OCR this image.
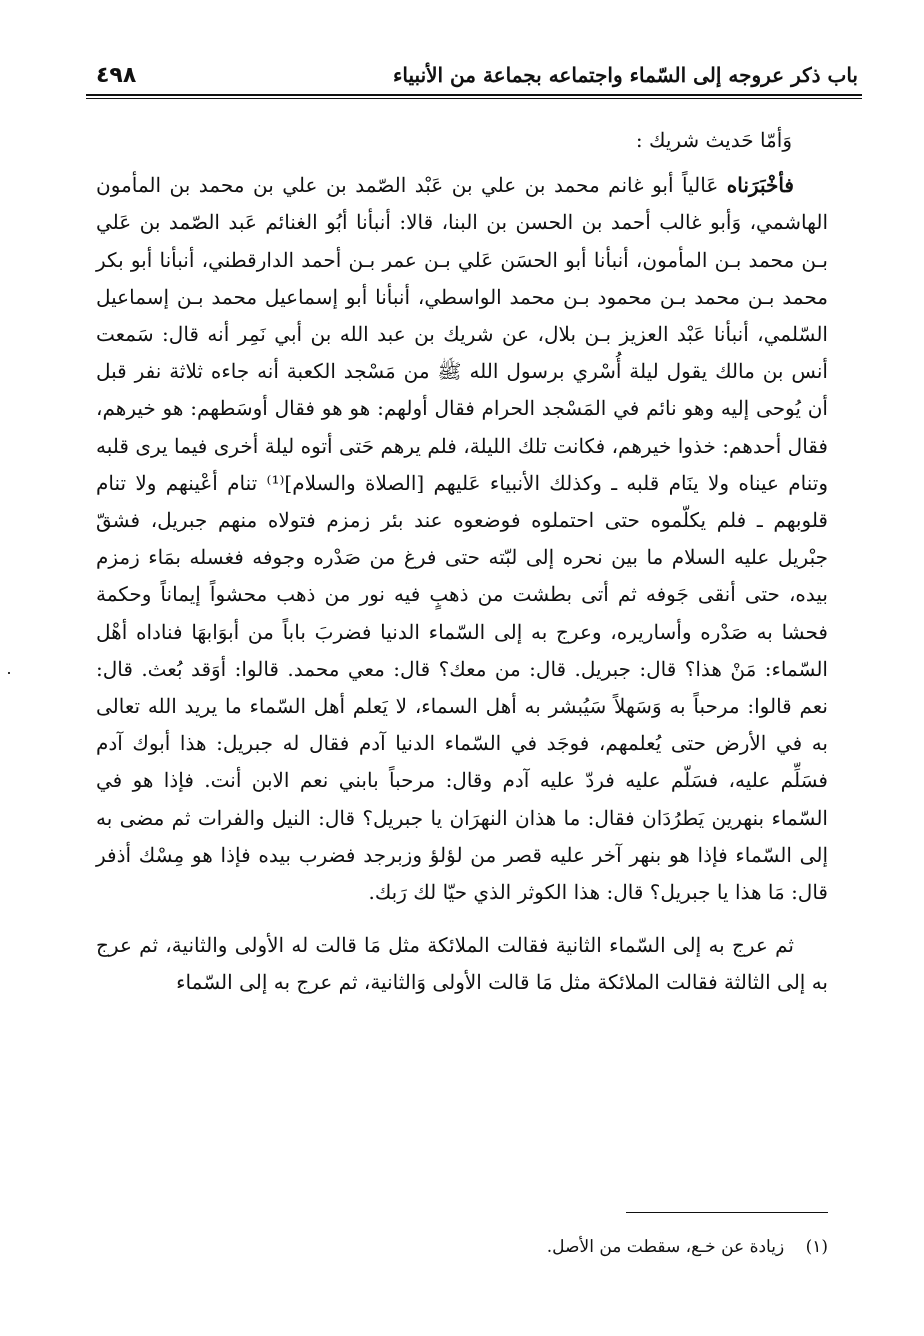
باب ذكر عروجه إلى السّماء واجتماعه بجماعة من الأنبياء
٤٩٨

وَأمّا حَديث شريك :

فأخْبَرَناه عَالياً أبو غانم محمد بن علي بن عَبْد الصّمد بن علي بن محمد بن المأمون الهاشمي، وَأبو غالب أحمد بن الحسن بن البنا، قالا: أنبأنا أبُو الغنائم عَبد الصّمد بن عَلي بـن محمد بـن المأمون، أنبأنا أبو الحسَن عَلي بـن عمر بـن أحمد الدارقطني، أنبأنا أبو بكر محمد بـن محمد بـن محمود بـن محمد الواسطي، أنبأنا أبو إسماعيل محمد بـن إسماعيل السّلمي، أنبأنا عَبْد العزيز بـن بلال، عن شريك بن عبد الله بن أبي نَمِر أنه قال: سَمعت أنس بن مالك يقول ليلة أُسْري برسول الله ﷺ من مَسْجد الكعبة أنه جاءه ثلاثة نفر قبل أن يُوحى إليه وهو نائم في المَسْجد الحرام فقال أولهم: هو هو فقال أوسَطهم: هو خيرهم، فقال أحدهم: خذوا خيرهم، فكانت تلك الليلة، فلم يرهم حَتى أتوه ليلة أخرى فيما يرى قلبه وتنام عيناه ولا ينَام قلبه ـ وكذلك الأنبياء عَليهم [الصلاة والسلام]⁽¹⁾ تنام أعْينهم ولا تنام قلوبهم ـ فلم يكلّموه حتى احتملوه فوضعوه عند بئر زمزم فتولاه منهم جبريل، فشقّ جبْريل عليه السلام ما بين نحره إلى لبّته حتى فرغ من صَدْره وجوفه فغسله بمَاء زمزم بيده، حتى أنقى جَوفه ثم أتى بطشت من ذهبٍ فيه نور من ذهب محشواً إيماناً وحكمة فحشا به صَدْره وأساريره، وعرج به إلى السّماء الدنيا فضربَ باباً من أبوَابهَا فناداه أهْل السّماء: مَنْ هذا؟ قال: جبريل. قال: من معك؟ قال: معي محمد. قالوا: أوَقد بُعث. قال: نعم قالوا: مرحباً به وَسَهلاً سَيُبشر به أهل السماء، لا يَعلم أهل السّماء ما يريد الله تعالى به في الأرض حتى يُعلمهم، فوجَد في السّماء الدنيا آدم فقال له جبريل: هذا أبوك آدم فسَلِّم عليه، فسَلّم عليه فردّ عليه آدم وقال: مرحباً بابني نعم الابن أنت. فإذا هو في السّماء بنهرين يَطرُدَان فقال: ما هذان النهرَان يا جبريل؟ قال: النيل والفرات ثم مضى به إلى السّماء فإذا هو بنهر آخر عليه قصر من لؤلؤ وزبرجد فضرب بيده فإذا هو مِسْك أذفر قال: مَا هذا يا جبريل؟ قال: هذا الكوثر الذي حيّا لك رَبك.

ثم عرج به إلى السّماء الثانية فقالت الملائكة مثل مَا قالت له الأولى والثانية، ثم عرج به إلى الثالثة فقالت الملائكة مثل مَا قالت الأولى وَالثانية، ثم عرج به إلى السّماء

(١) زيادة عن خـع، سقطت من الأصل.
